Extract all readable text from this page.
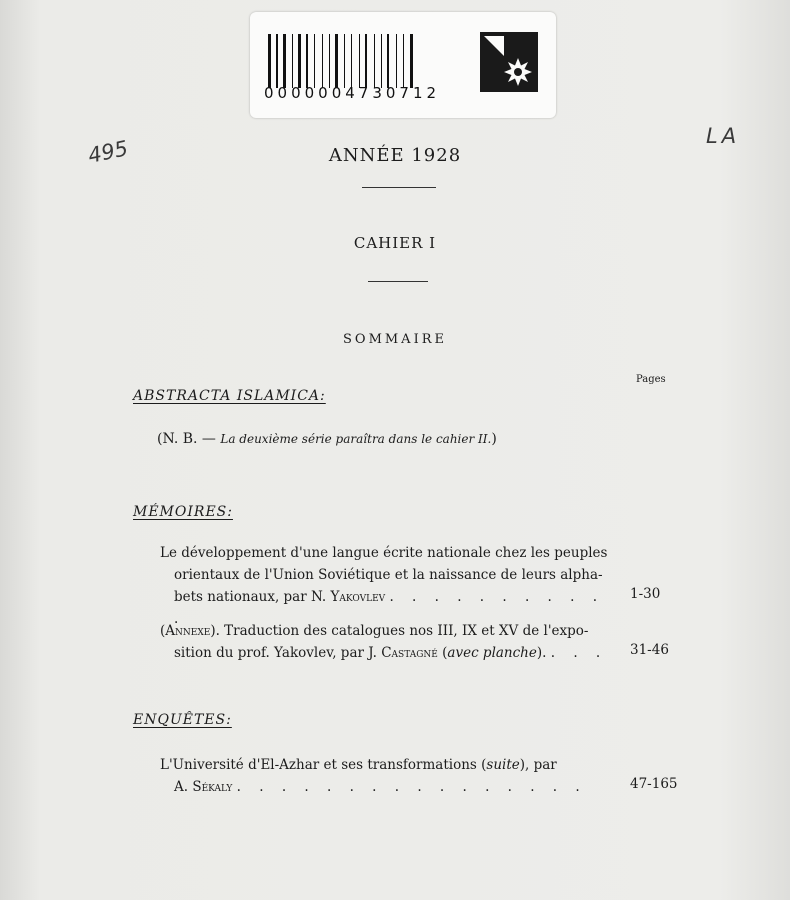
0000004730712
495
LA
ANNÉE 1928
CAHIER I
SOMMAIRE
Pages
ABSTRACTA ISLAMICA:
(N. B. — La deuxième série paraîtra dans le cahier II.)
MÉMOIRES:
Le développement d'une langue écrite nationale chez les peuples
orientaux de l'Union Soviétique et la naissance de leurs alpha-
bets nationaux, par N. Yakovlev . . . . . . . . . . .
1-30
(Annexe). Traduction des catalogues nos III, IX et XV de l'expo-
sition du prof. Yakovlev, par J. Castagné (avec planche). . . .	31-46
ENQUÊTES:
L'Université d'El-Azhar et ses transformations (suite), par
A. Sékaly . . . . . . . . . . . . . . . .	47-165
